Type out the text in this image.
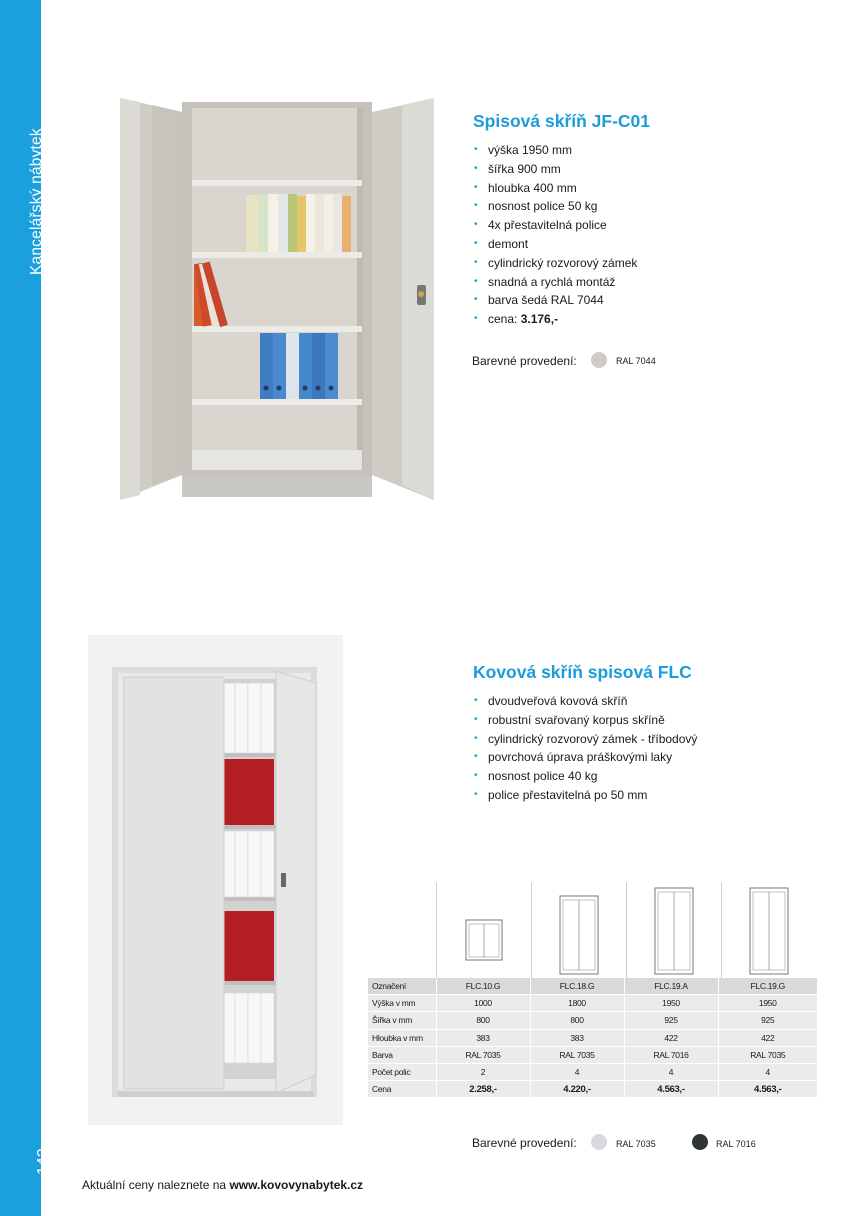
Kancelářský nábytek
142
Spisová skříň JF-C01
• výška 1950 mm
• šířka 900 mm
• hloubka 400 mm
• nosnost police 50 kg
• 4x přestavitelná police
• demont
• cylindrický rozvorový zámek
• snadná a rychlá montáž
• barva šedá RAL 7044
• cena: 3.176,-
Barevné provedení:	RAL 7044
Kovová skříň spisová FLC
• dvoudveřová kovová skříň
• robustní svařovaný korpus skříně
• cylindrický rozvorový zámek - tříbodový
• povrchová úprava práškovými laky
• nosnost police 40 kg
• police přestavitelná po 50 mm
Označení	FLC.10.G	FLC.18.G	FLC.19.A	FLC.19.G
Výška v mm	1000	1800	1950	1950
Šířka v mm	800	800	925	925
Hloubka v mm	383	383	422	422
Barva	RAL 7035	RAL 7035	RAL 7016	RAL 7035
Počet polic	2	4	4	4
Cena	2.258,-	4.220,-	4.563,-	4.563,-
Barevné provedení:	RAL 7035	RAL 7016
Aktuální ceny naleznete na www.kovovynabytek.cz
